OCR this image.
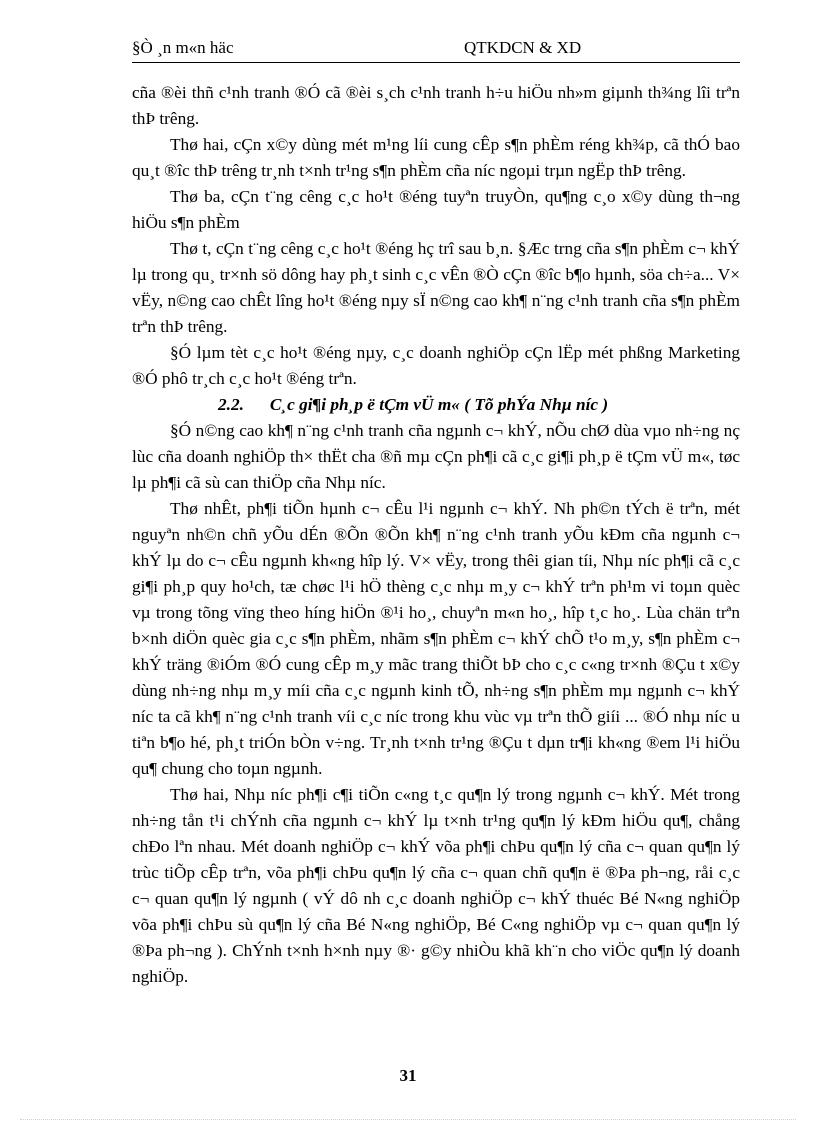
§Ò ¸n m«n häc	QTKDCN & XD

cña ®èi thñ c¹nh tranh ®Ó cã ®èi s¸ch c¹nh tranh h÷u hiÖu nh»m giµnh th¾ng lîi trªn thÞ trêng.

Thø hai, cÇn x©y dùng mét m¹ng líi cung cÊp s¶n phÈm réng kh¾p, cã thÓ bao qu¸t ®îc thÞ trêng tr¸nh t×nh tr¹ng s¶n phÈm cña níc ngoµi trµn ngËp thÞ trêng.

Thø ba, cÇn t¨ng cêng c¸c ho¹t ®éng tuyªn truyÒn, qu¶ng c¸o x©y dùng th¬ng hiÖu s¶n phÈm

Thø t, cÇn t¨ng cêng c¸c ho¹t ®éng hç trî sau b¸n. §Æc trng cña s¶n phÈm c¬ khÝ lµ trong qu¸ tr×nh sö dông hay ph¸t sinh c¸c vÊn ®Ò cÇn ®îc b¶o hµnh, söa ch÷a... V× vËy, n©ng cao chÊt lîng ho¹t ®éng nµy sÏ n©ng cao kh¶ n¨ng c¹nh tranh cña s¶n phÈm trªn thÞ trêng.

§Ó lµm tèt c¸c ho¹t ®éng nµy, c¸c doanh nghiÖp cÇn lËp mét phßng Marketing ®Ó phô tr¸ch c¸c ho¹t ®éng trªn.

2.2.      C¸c gi¶i ph¸p ë tÇm vÜ m« ( Tõ phÝa Nhµ níc )

§Ó n©ng cao kh¶ n¨ng c¹nh tranh cña ngµnh c¬ khÝ, nÕu chØ dùa vµo nh÷ng nç lùc cña doanh nghiÖp th× thËt cha ®ñ mµ cÇn ph¶i cã c¸c gi¶i ph¸p ë tÇm vÜ m«, tøc lµ ph¶i cã sù can thiÖp cña Nhµ níc.

Thø nhÊt, ph¶i tiÕn hµnh c¬ cÊu l¹i ngµnh c¬ khÝ. Nh ph©n tÝch ë trªn, mét nguyªn nh©n chñ yÕu dÉn ®Õn ®Õn kh¶ n¨ng c¹nh tranh yÕu kÐm cña ngµnh c¬ khÝ lµ do c¬ cÊu ngµnh kh«ng hîp lý. V× vËy, trong thêi gian tíi, Nhµ níc ph¶i cã c¸c gi¶i ph¸p quy ho¹ch, tæ chøc l¹i hÖ thèng c¸c nhµ m¸y c¬ khÝ trªn ph¹m vi toµn quèc vµ trong tõng vïng theo híng hiÖn ®¹i ho¸, chuyªn m«n ho¸, hîp t¸c ho¸. Lùa chän trªn b×nh diÖn quèc gia c¸c s¶n phÈm, nhãm s¶n phÈm c¬ khÝ chÕ t¹o m¸y, s¶n phÈm c¬ khÝ träng ®iÓm ®Ó cung cÊp m¸y mãc trang thiÕt bÞ cho c¸c c«ng tr×nh ®Çu t x©y dùng nh÷ng nhµ m¸y míi cña c¸c ngµnh kinh tÕ, nh÷ng s¶n phÈm mµ ngµnh c¬ khÝ níc ta cã kh¶ n¨ng c¹nh tranh víi c¸c níc trong khu vùc vµ trªn thÕ giíi ... ®Ó nhµ níc u tiªn b¶o hé, ph¸t triÓn bÒn v÷ng. Tr¸nh t×nh tr¹ng ®Çu t dµn tr¶i kh«ng ®em l¹i hiÖu qu¶ chung cho toµn ngµnh.

Thø hai, Nhµ níc ph¶i c¶i tiÕn c«ng t¸c qu¶n lý trong ngµnh c¬ khÝ. Mét trong nh÷ng tån t¹i chÝnh cña ngµnh c¬ khÝ lµ t×nh tr¹ng qu¶n lý kÐm hiÖu qu¶, chång chÐo lªn nhau. Mét doanh nghiÖp c¬ khÝ võa ph¶i chÞu qu¶n lý cña c¬ quan qu¶n lý trùc tiÕp cÊp trªn, võa ph¶i chÞu qu¶n lý cña c¬ quan chñ qu¶n ë ®Þa ph¬ng, råi c¸c c¬ quan qu¶n lý ngµnh ( vÝ dô nh c¸c doanh nghiÖp c¬ khÝ thuéc Bé N«ng nghiÖp võa ph¶i chÞu sù qu¶n lý cña Bé N«ng nghiÖp, Bé C«ng nghiÖp vµ c¬ quan qu¶n lý ®Þa ph¬ng ). ChÝnh t×nh h×nh nµy ®· g©y nhiÒu khã kh¨n cho viÖc qu¶n lý doanh nghiÖp.

31
